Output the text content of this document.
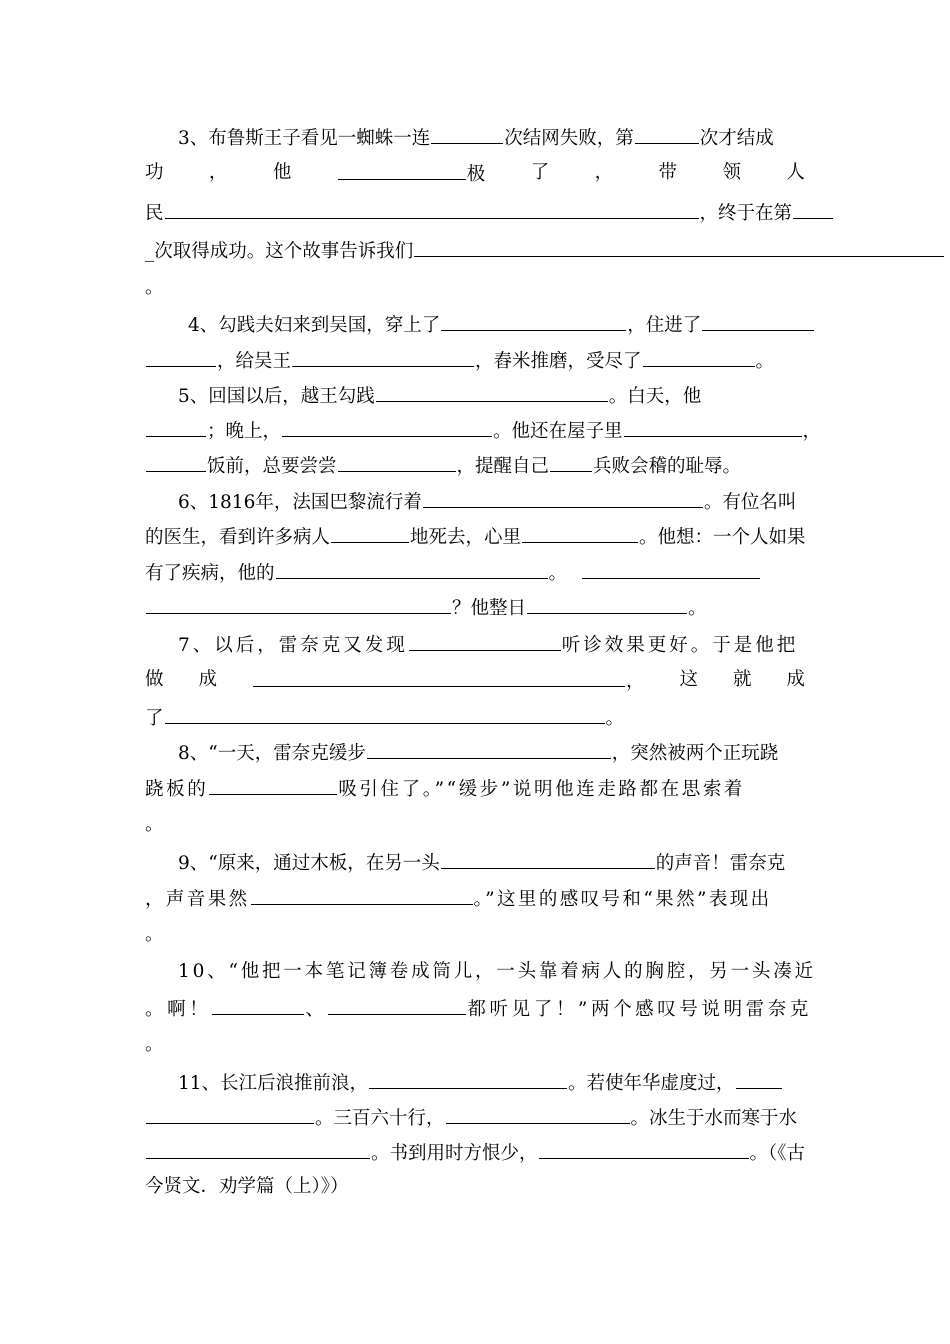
3、布鲁斯王子看见一蜘蛛一连	次结网失败，第	次才结成
功 ， 他	极 了 ， 带 领 人
民	，终于在第
_次取得成功。这个故事告诉我们
。
4、勾践夫妇来到吴国，穿上了	，住进了
，给吴王	，舂米推磨，受尽了	。
5、回国以后，越王勾践	。白天，他
；晚上，	。他还在屋子里	，
饭前，总要尝尝	，提醒自己 兵败会稽的耻辱。
6、1816年，法国巴黎流行着	。有位名叫
的医生，看到许多病人	地死去，心里	。他想：一个人如果
有了疾病，他的	。
？他整日	。
7、以后，雷奈克又发现	听诊效果更好。于是他把
做 成	， 这 就 成
了	。
8、“一天，雷奈克缓步	，突然被两个正玩跷
跷板的	吸引住了。”“缓步”说明他连走路都在思索着
。
9、“原来，通过木板，在另一头	的声音！雷奈克
，声音果然	。”这里的感叹号和“果然”表现出
。
10、“他把一本笔记簿卷成筒儿，一头靠着病人的胸腔，另一头凑近
。啊！	、	都听见了！”两个感叹号说明雷奈克
。
11、长江后浪推前浪，	。若使年华虚度过，
。三百六十行，	。冰生于水而寒于水
。书到用时方恨少，	。（《古
今贤文．劝学篇（上）》）
